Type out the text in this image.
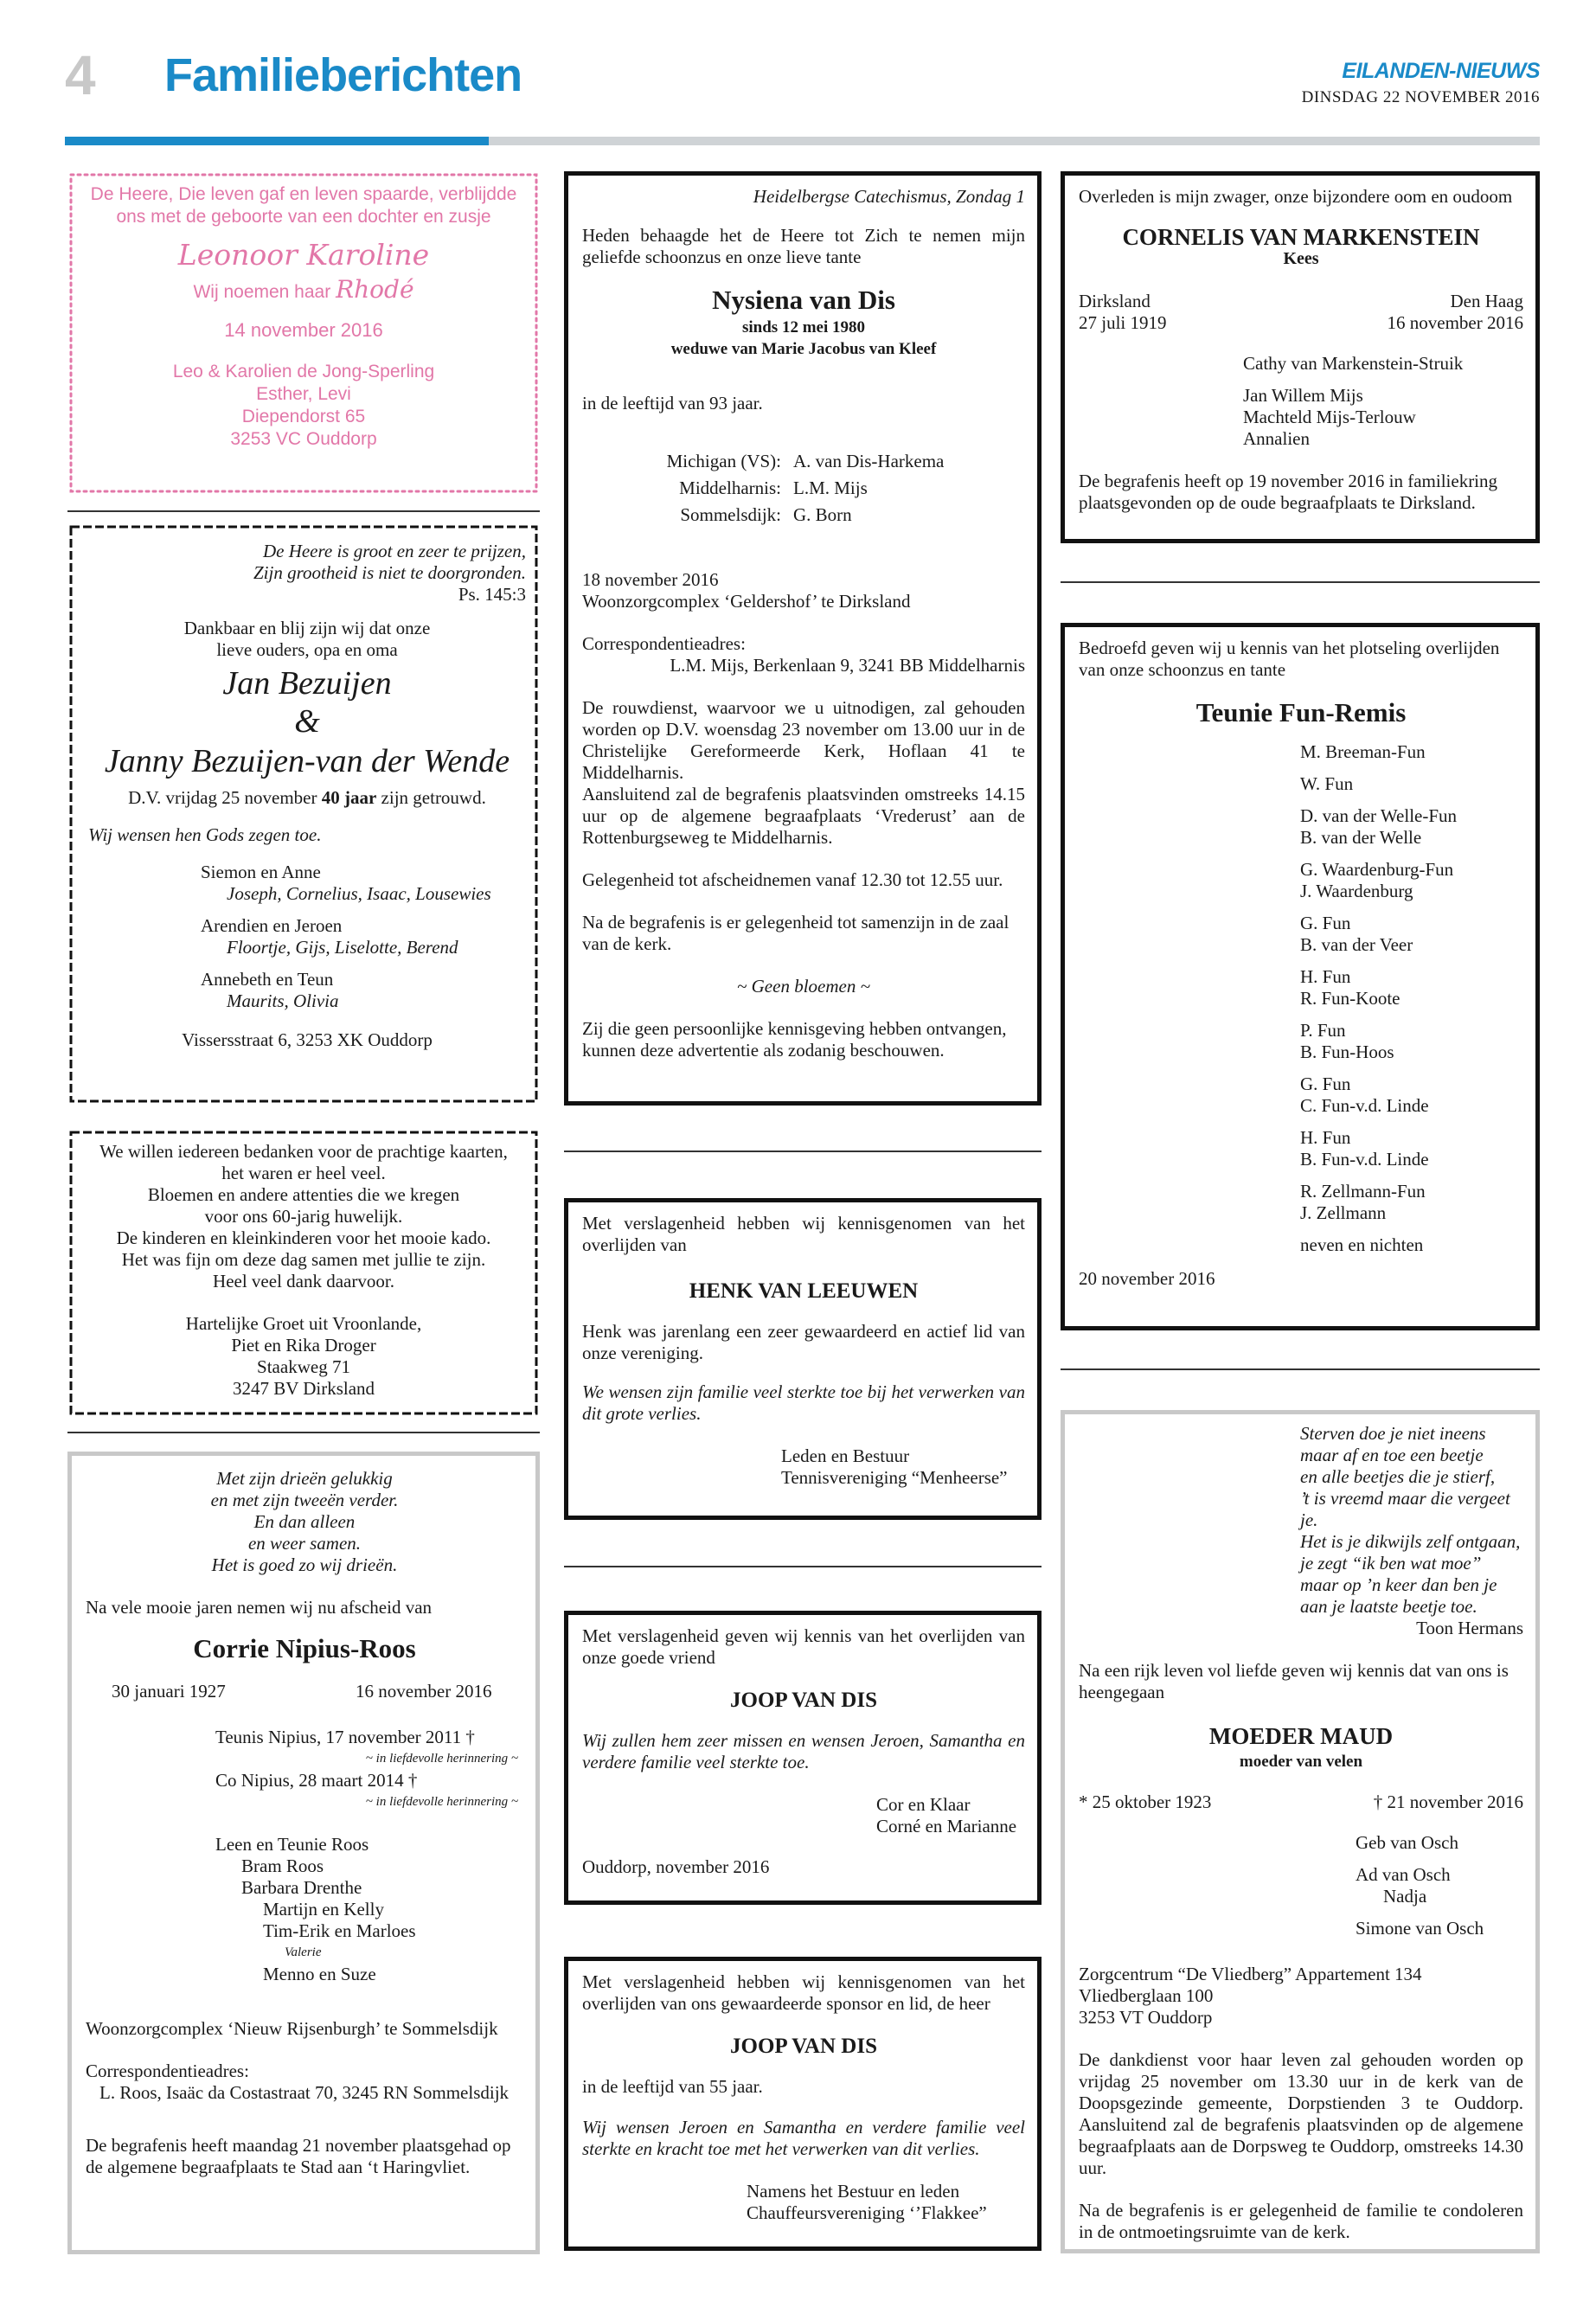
4 Familieberichten	EILANDEN-NIEUWS
DINSDAG 22 NOVEMBER 2016
De Heere, Die leven gaf en leven spaarde, verblijdde
ons met de geboorte van een dochter en zusje
Leonoor Karoline
Wij noemen haar Rhodé
14 november 2016
Leo & Karolien de Jong-Sperling
Esther, Levi
Diependorst 65
3253 VC Ouddorp
De Heere is groot en zeer te prijzen,
Zijn grootheid is niet te doorgronden.
Ps. 145:3
Dankbaar en blij zijn wij dat onze
lieve ouders, opa en oma
Jan Bezuijen
&
Janny Bezuijen-van der Wende
D.V. vrijdag 25 november 40 jaar zijn getrouwd.
Wij wensen hen Gods zegen toe.
Siemon en Anne
Joseph, Cornelius, Isaac, Lousewies
Arendien en Jeroen
Floortje, Gijs, Liselotte, Berend
Annebeth en Teun
Maurits, Olivia
Vissersstraat 6, 3253 XK Ouddorp
We willen iedereen bedanken voor de prachtige kaarten,
het waren er heel veel.
Bloemen en andere attenties die we kregen
voor ons 60-jarig huwelijk.
De kinderen en kleinkinderen voor het mooie kado.
Het was fijn om deze dag samen met jullie te zijn.
Heel veel dank daarvoor.
Hartelijke Groet uit Vroonlande,
Piet en Rika Droger
Staakweg 71
3247 BV Dirksland
Met zijn drieën gelukkig
en met zijn tweeën verder.
En dan alleen
en weer samen.
Het is goed zo wij drieën.
Na vele mooie jaren nemen wij nu afscheid van
Corrie Nipius-Roos
30 januari 1927	16 november 2016
Teunis Nipius, 17 november 2011 †
~ in liefdevolle herinnering ~
Co Nipius, 28 maart 2014 †
~ in liefdevolle herinnering ~
Leen en Teunie Roos
Bram Roos
Barbara Drenthe
Martijn en Kelly
Tim-Erik en Marloes
Valerie
Menno en Suze
Woonzorgcomplex ‘Nieuw Rijsenburgh’ te Sommelsdijk
Correspondentieadres:
L. Roos, Isaäc da Costastraat 70, 3245 RN Sommelsdijk
De begrafenis heeft maandag 21 november plaatsgehad op de algemene begraafplaats te Stad aan ‘t Haringvliet.
Heidelbergse Catechismus, Zondag 1
Heden behaagde het de Heere tot Zich te nemen mijn geliefde schoonzus en onze lieve tante
Nysiena van Dis
sinds 12 mei 1980
weduwe van Marie Jacobus van Kleef
in de leeftijd van 93 jaar.
Michigan (VS): A. van Dis-Harkema
Middelharnis: L.M. Mijs
Sommelsdijk: G. Born
18 november 2016
Woonzorgcomplex ‘Geldershof’ te Dirksland
Correspondentieadres:
L.M. Mijs, Berkenlaan 9, 3241 BB Middelharnis
De rouwdienst, waarvoor we u uitnodigen, zal gehouden worden op D.V. woensdag 23 november om 13.00 uur in de Christelijke Gereformeerde Kerk, Hoflaan 41 te Middelharnis.
Aansluitend zal de begrafenis plaatsvinden omstreeks 14.15 uur op de algemene begraafplaats ‘Vrederust’ aan de Rottenburgseweg te Middelharnis.
Gelegenheid tot afscheidnemen vanaf 12.30 tot 12.55 uur.
Na de begrafenis is er gelegenheid tot samenzijn in de zaal van de kerk.
~ Geen bloemen ~
Zij die geen persoonlijke kennisgeving hebben ontvangen, kunnen deze advertentie als zodanig beschouwen.
Met verslagenheid hebben wij kennisgenomen van het overlijden van
HENK VAN LEEUWEN
Henk was jarenlang een zeer gewaardeerd en actief lid van onze vereniging.
We wensen zijn familie veel sterkte toe bij het verwerken van dit grote verlies.
Leden en Bestuur
Tennisvereniging “Menheerse”
Met verslagenheid geven wij kennis van het overlijden van onze goede vriend
JOOP VAN DIS
Wij zullen hem zeer missen en wensen Jeroen, Samantha en verdere familie veel sterkte toe.
Cor en Klaar
Corné en Marianne
Ouddorp, november 2016
Met verslagenheid hebben wij kennisgenomen van het overlijden van ons gewaardeerde sponsor en lid, de heer
JOOP VAN DIS
in de leeftijd van 55 jaar.
Wij wensen Jeroen en Samantha en verdere familie veel sterkte en kracht toe met het verwerken van dit verlies.
Namens het Bestuur en leden
Chauffeursvereniging ‘’Flakkee”
Overleden is mijn zwager, onze bijzondere oom en oudoom
CORNELIS VAN MARKENSTEIN
Kees
Dirksland	Den Haag
27 juli 1919	16 november 2016
Cathy van Markenstein-Struik
Jan Willem Mijs
Machteld Mijs-Terlouw
Annalien
De begrafenis heeft op 19 november 2016 in familiekring plaatsgevonden op de oude begraafplaats te Dirksland.
Bedroefd geven wij u kennis van het plotseling overlijden van onze schoonzus en tante
Teunie Fun-Remis
M. Breeman-Fun
W. Fun
D. van der Welle-Fun
B. van der Welle
G. Waardenburg-Fun
J. Waardenburg
G. Fun
B. van der Veer
H. Fun
R. Fun-Koote
P. Fun
B. Fun-Hoos
G. Fun
C. Fun-v.d. Linde
H. Fun
B. Fun-v.d. Linde
R. Zellmann-Fun
J. Zellmann
neven en nichten
20 november 2016
Sterven doe je niet ineens
maar af en toe een beetje
en alle beetjes die je stierf,
’t is vreemd maar die vergeet je.
Het is je dikwijls zelf ontgaan,
je zegt “ik ben wat moe”
maar op ’n keer dan ben je
aan je laatste beetje toe.
Toon Hermans
Na een rijk leven vol liefde geven wij kennis dat van ons is heengegaan
MOEDER MAUD
moeder van velen
* 25 oktober 1923	† 21 november 2016
Geb van Osch
Ad van Osch
Nadja
Simone van Osch
Zorgcentrum “De Vliedberg” Appartement 134
Vliedberglaan 100
3253 VT Ouddorp
De dankdienst voor haar leven zal gehouden worden op vrijdag 25 november om 13.30 uur in de kerk van de Doopsgezinde gemeente, Dorpstienden 3 te Ouddorp. Aansluitend zal de begrafenis plaatsvinden op de algemene begraafplaats aan de Dorpsweg te Ouddorp, omstreeks 14.30 uur.
Na de begrafenis is er gelegenheid de familie te condoleren in de ontmoetingsruimte van de kerk.
